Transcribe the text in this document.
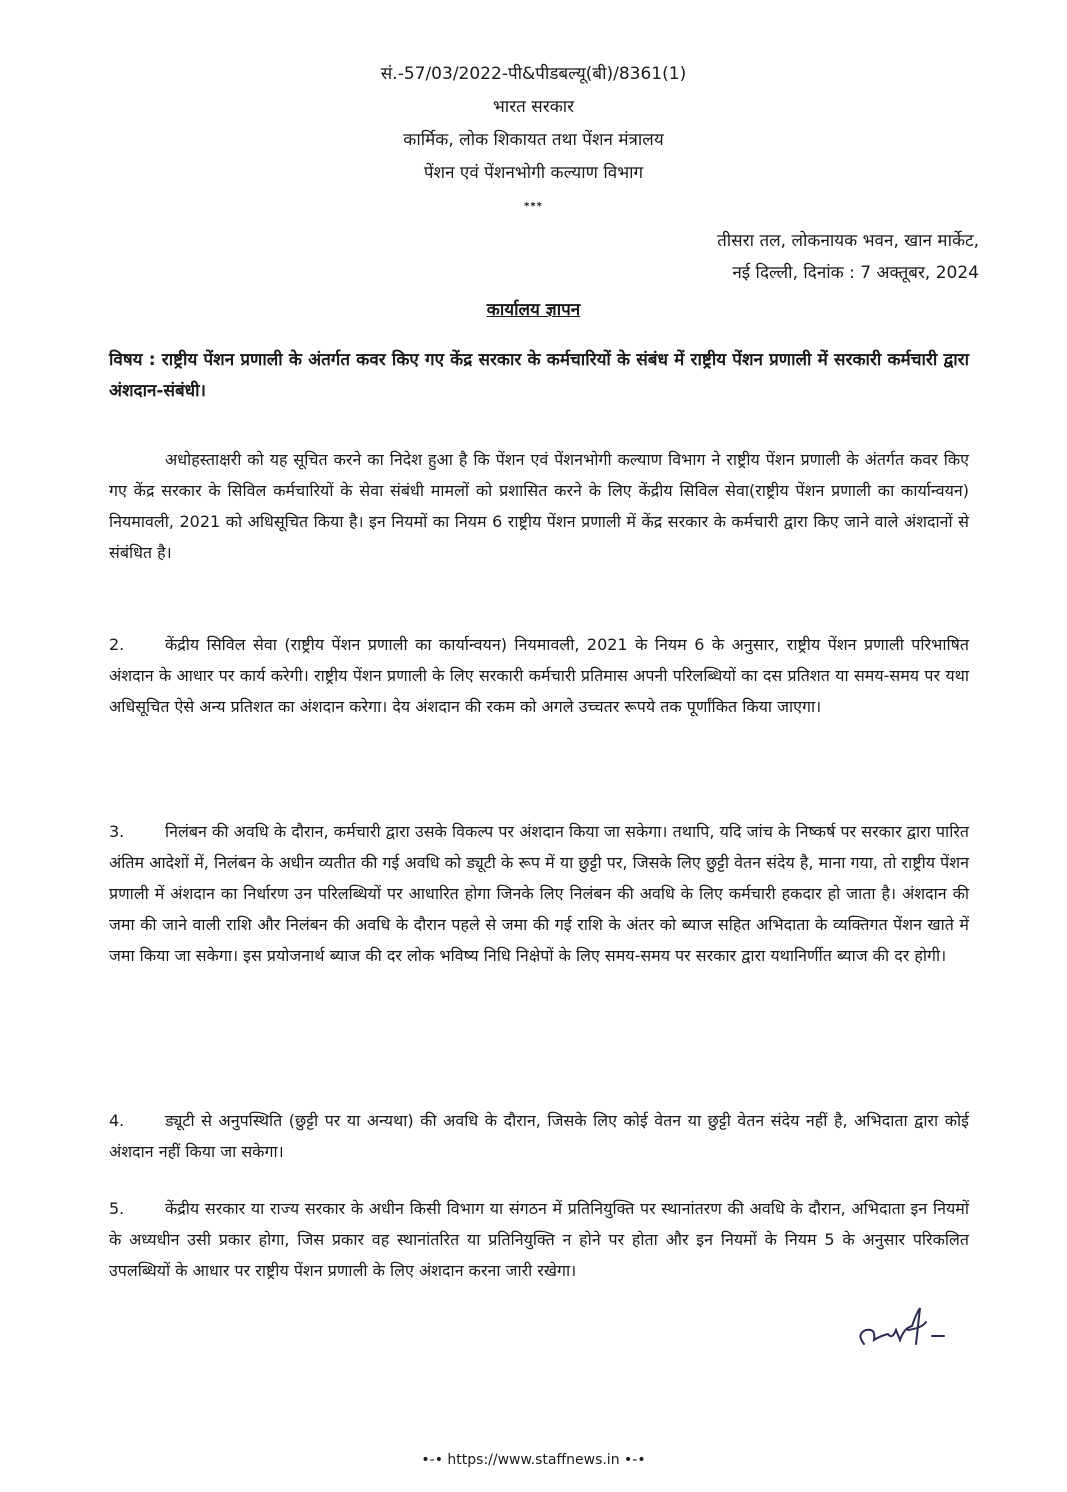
सं.-57/03/2022-पी&पीडबल्यू(बी)/8361(1)
भारत सरकार
कार्मिक, लोक शिकायत तथा पेंशन मंत्रालय
पेंशन एवं पेंशनभोगी कल्याण विभाग
***
तीसरा तल, लोकनायक भवन, खान मार्केट,
नई दिल्ली, दिनांक : 7 अक्तूबर, 2024
कार्यालय ज्ञापन
विषय : राष्ट्रीय पेंशन प्रणाली के अंतर्गत कवर किए गए केंद्र सरकार के कर्मचारियों के संबंध में राष्ट्रीय पेंशन प्रणाली में सरकारी कर्मचारी द्वारा अंशदान-संबंधी।
अधोहस्ताक्षरी को यह सूचित करने का निदेश हुआ है कि पेंशन एवं पेंशनभोगी कल्याण विभाग ने राष्ट्रीय पेंशन प्रणाली के अंतर्गत कवर किए गए केंद्र सरकार के सिविल कर्मचारियों के सेवा संबंधी मामलों को प्रशासित करने के लिए केंद्रीय सिविल सेवा(राष्ट्रीय पेंशन प्रणाली का कार्यान्वयन) नियमावली, 2021 को अधिसूचित किया है। इन नियमों का नियम 6 राष्ट्रीय पेंशन प्रणाली में केंद्र सरकार के कर्मचारी द्वारा किए जाने वाले अंशदानों से संबंधित है।
2.	केंद्रीय सिविल सेवा (राष्ट्रीय पेंशन प्रणाली का कार्यान्वयन) नियमावली, 2021 के नियम 6 के अनुसार, राष्ट्रीय पेंशन प्रणाली परिभाषित अंशदान के आधार पर कार्य करेगी। राष्ट्रीय पेंशन प्रणाली के लिए सरकारी कर्मचारी प्रतिमास अपनी परिलब्धियों का दस प्रतिशत या समय-समय पर यथा अधिसूचित ऐसे अन्य प्रतिशत का अंशदान करेगा। देय अंशदान की रकम को अगले उच्चतर रूपये तक पूर्णांकित किया जाएगा।
3.	निलंबन की अवधि के दौरान, कर्मचारी द्वारा उसके विकल्प पर अंशदान किया जा सकेगा। तथापि, यदि जांच के निष्कर्ष पर सरकार द्वारा पारित अंतिम आदेशों में, निलंबन के अधीन व्यतीत की गई अवधि को ड्यूटी के रूप में या छुट्टी पर, जिसके लिए छुट्टी वेतन संदेय है, माना गया, तो राष्ट्रीय पेंशन प्रणाली में अंशदान का निर्धारण उन परिलब्धियों पर आधारित होगा जिनके लिए निलंबन की अवधि के लिए कर्मचारी हकदार हो जाता है। अंशदान की जमा की जाने वाली राशि और निलंबन की अवधि के दौरान पहले से जमा की गई राशि के अंतर को ब्याज सहित अभिदाता के व्यक्तिगत पेंशन खाते में जमा किया जा सकेगा। इस प्रयोजनार्थ ब्याज की दर लोक भविष्य निधि निक्षेपों के लिए समय-समय पर सरकार द्वारा यथानिर्णीत ब्याज की दर होगी।
4.	ड्यूटी से अनुपस्थिति (छुट्टी पर या अन्यथा) की अवधि के दौरान, जिसके लिए कोई वेतन या छुट्टी वेतन संदेय नहीं है, अभिदाता द्वारा कोई अंशदान नहीं किया जा सकेगा।
5.	केंद्रीय सरकार या राज्य सरकार के अधीन किसी विभाग या संगठन में प्रतिनियुक्ति पर स्थानांतरण की अवधि के दौरान, अभिदाता इन नियमों के अध्यधीन उसी प्रकार होगा, जिस प्रकार वह स्थानांतरित या प्रतिनियुक्ति न होने पर होता और इन नियमों के नियम 5 के अनुसार परिकलित उपलब्धियों के आधार पर राष्ट्रीय पेंशन प्रणाली के लिए अंशदान करना जारी रखेगा।
•-• https://www.staffnews.in •-•
